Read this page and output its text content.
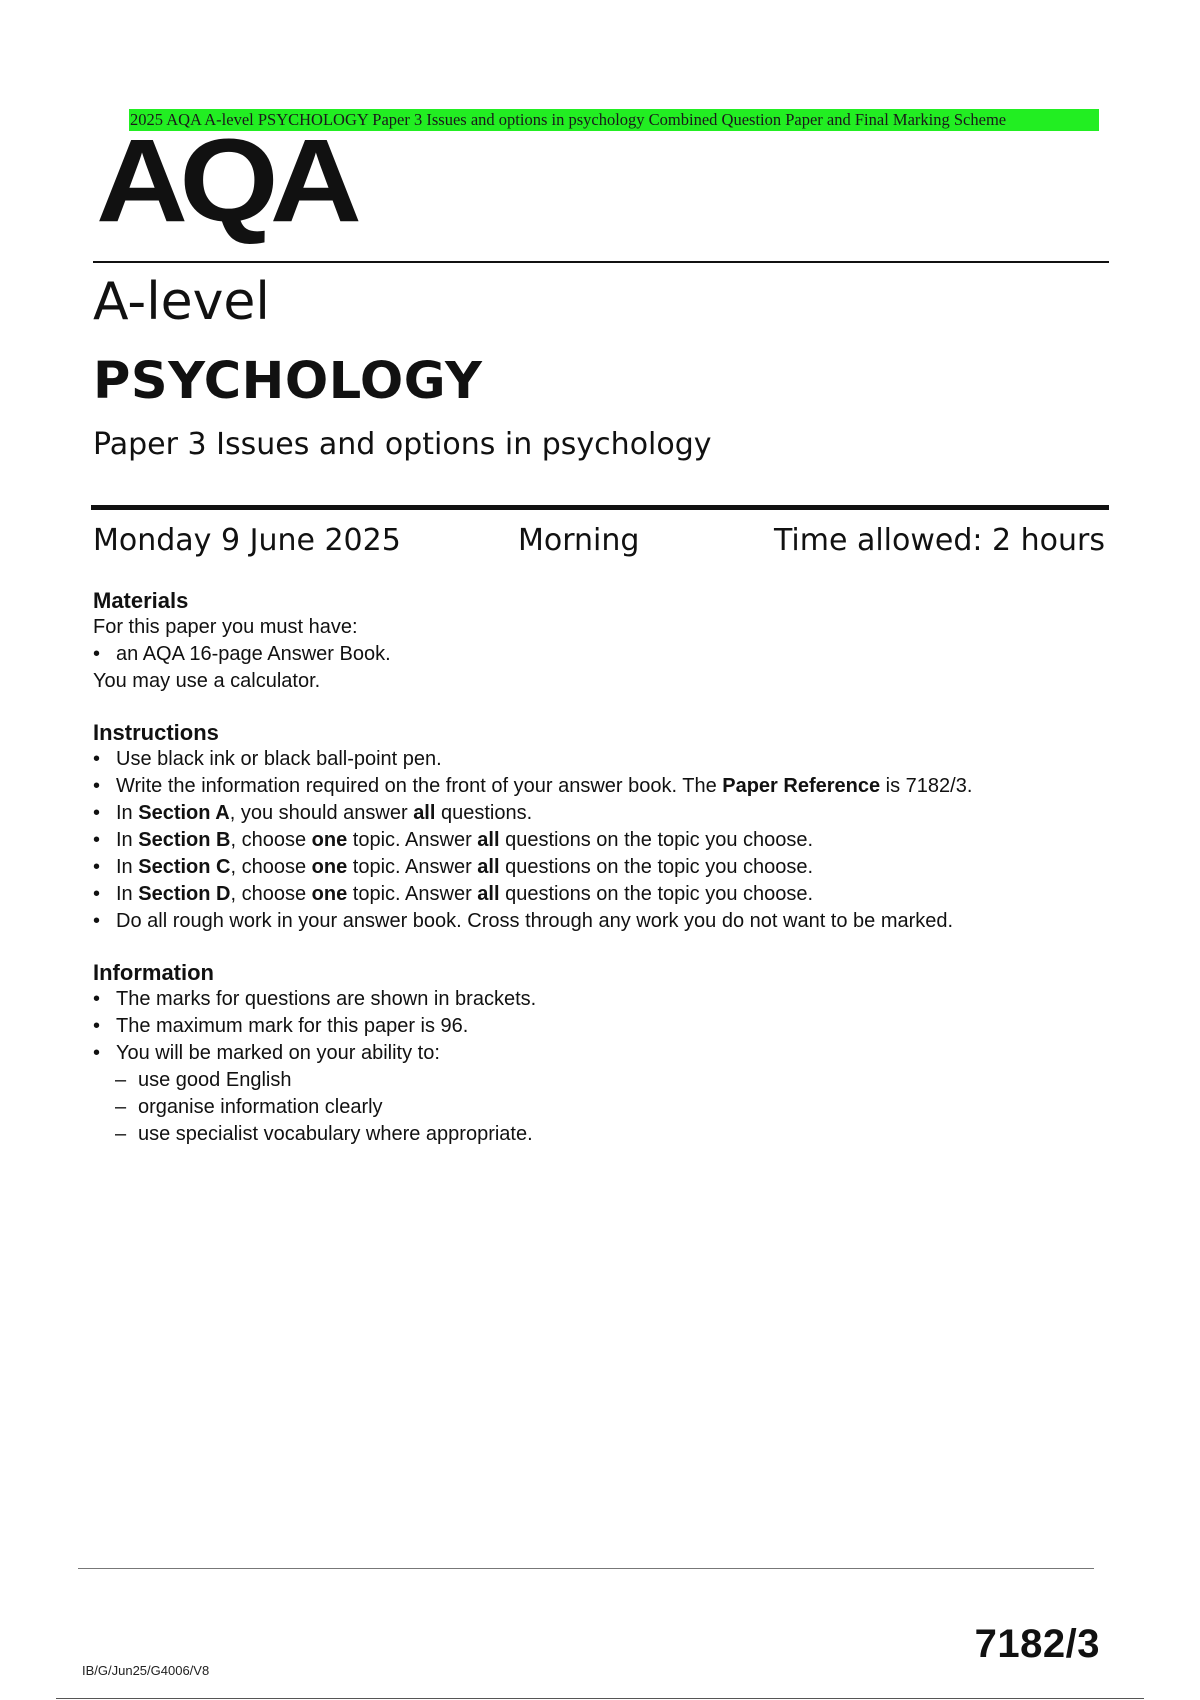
2025 AQA A-level PSYCHOLOGY Paper 3 Issues and options in psychology Combined Question Paper and Final Marking Scheme
AQA
A-level
PSYCHOLOGY
Paper 3 Issues and options in psychology
Monday 9 June 2025	Morning	Time allowed: 2 hours
Materials
For this paper you must have:
• an AQA 16-page Answer Book.
You may use a calculator.
Instructions
• Use black ink or black ball-point pen.
• Write the information required on the front of your answer book. The Paper Reference is 7182/3.
• In Section A, you should answer all questions.
• In Section B, choose one topic. Answer all questions on the topic you choose.
• In Section C, choose one topic. Answer all questions on the topic you choose.
• In Section D, choose one topic. Answer all questions on the topic you choose.
• Do all rough work in your answer book. Cross through any work you do not want to be marked.
Information
• The marks for questions are shown in brackets.
• The maximum mark for this paper is 96.
• You will be marked on your ability to:
– use good English
– organise information clearly
– use specialist vocabulary where appropriate.
IB/G/Jun25/G4006/V8
7182/3
